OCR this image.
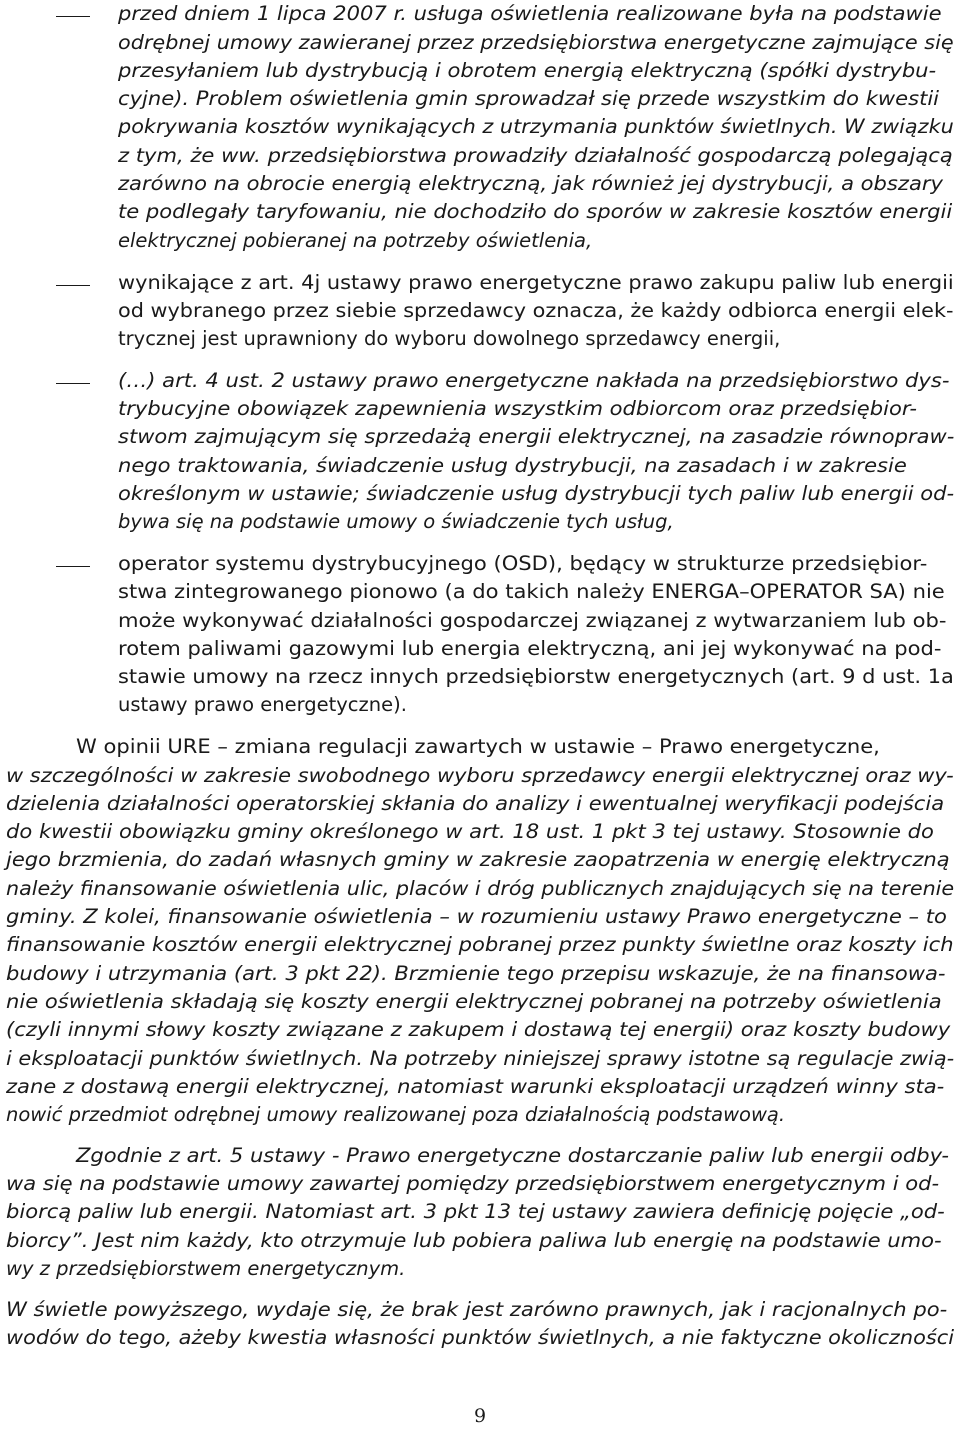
przed dniem 1 lipca 2007 r. usługa oświetlenia realizowane była na podstawie
odrębnej umowy zawieranej przez przedsiębiorstwa energetyczne zajmujące się
przesyłaniem lub dystrybucją i obrotem energią elektryczną (spółki dystrybu-
cyjne). Problem oświetlenia gmin sprowadzał się przede wszystkim do kwestii
pokrywania kosztów wynikających z utrzymania punktów świetlnych. W związku
z tym, że ww. przedsiębiorstwa prowadziły działalność gospodarczą polegającą
zarówno na obrocie energią elektryczną, jak również jej dystrybucji, a obszary
te podlegały taryfowaniu, nie dochodziło do sporów w zakresie kosztów energii
elektrycznej pobieranej na potrzeby oświetlenia,
wynikające z art. 4j ustawy prawo energetyczne prawo zakupu paliw lub energii
od wybranego przez siebie sprzedawcy oznacza, że każdy odbiorca energii elek-
trycznej jest uprawniony do wyboru dowolnego sprzedawcy energii,
(…) art. 4 ust. 2 ustawy prawo energetyczne nakłada na przedsiębiorstwo dys-
trybucyjne obowiązek zapewnienia wszystkim odbiorcom oraz przedsiębior-
stwom zajmującym się sprzedażą energii elektrycznej, na zasadzie równopraw-
nego traktowania, świadczenie usług dystrybucji, na zasadach i w zakresie
określonym w ustawie; świadczenie usług dystrybucji tych paliw lub energii od-
bywa się na podstawie umowy o świadczenie tych usług,
operator systemu dystrybucyjnego (OSD), będący w strukturze przedsiębior-
stwa zintegrowanego pionowo (a do takich należy ENERGA–OPERATOR SA) nie
może wykonywać działalności gospodarczej związanej z wytwarzaniem lub ob-
rotem paliwami gazowymi lub energia elektryczną, ani jej wykonywać na pod-
stawie umowy na rzecz innych przedsiębiorstw energetycznych (art. 9 d ust. 1a
ustawy prawo energetyczne).
W opinii URE – zmiana regulacji zawartych w ustawie – Prawo energetyczne,
w szczególności w zakresie swobodnego wyboru sprzedawcy energii elektrycznej oraz wy-
dzielenia działalności operatorskiej skłania do analizy i ewentualnej weryfikacji podejścia
do kwestii obowiązku gminy określonego w art. 18 ust. 1 pkt 3 tej ustawy. Stosownie do
jego brzmienia, do zadań własnych gminy w zakresie zaopatrzenia w energię elektryczną
należy finansowanie oświetlenia ulic, placów i dróg publicznych znajdujących się na terenie
gminy. Z kolei, finansowanie oświetlenia – w rozumieniu ustawy Prawo energetyczne – to
finansowanie kosztów energii elektrycznej pobranej przez punkty świetlne oraz koszty ich
budowy i utrzymania (art. 3 pkt 22). Brzmienie tego przepisu wskazuje, że na finansowa-
nie oświetlenia składają się koszty energii elektrycznej pobranej na potrzeby oświetlenia
(czyli innymi słowy koszty związane z zakupem i dostawą tej energii) oraz koszty budowy
i eksploatacji punktów świetlnych. Na potrzeby niniejszej sprawy istotne są regulacje zwią-
zane z dostawą energii elektrycznej, natomiast warunki eksploatacji urządzeń winny sta-
nowić przedmiot odrębnej umowy realizowanej poza działalnością podstawową.
Zgodnie z art. 5 ustawy - Prawo energetyczne dostarczanie paliw lub energii odby-
wa się na podstawie umowy zawartej pomiędzy przedsiębiorstwem energetycznym i od-
biorcą paliw lub energii. Natomiast art. 3 pkt 13 tej ustawy zawiera definicję pojęcie „od-
biorcy”. Jest nim każdy, kto otrzymuje lub pobiera paliwa lub energię na podstawie umo-
wy z przedsiębiorstwem energetycznym.
W świetle powyższego, wydaje się, że brak jest zarówno prawnych, jak i racjonalnych po-
wodów do tego, ażeby kwestia własności punktów świetlnych, a nie faktyczne okoliczności
9
